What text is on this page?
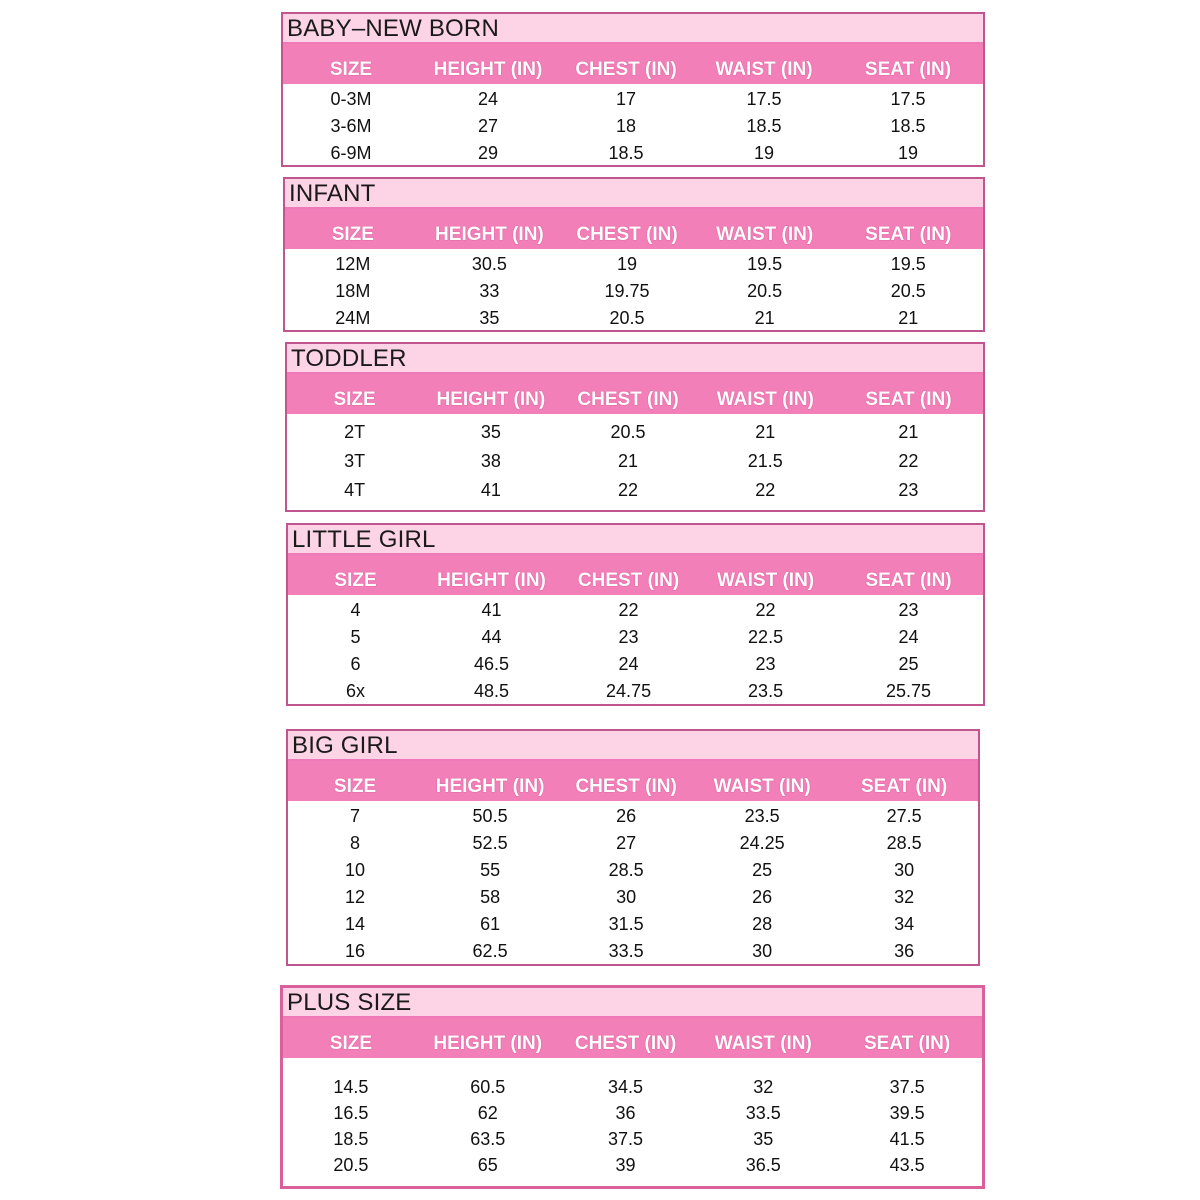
BABY–NEW BORN
SIZE	HEIGHT (IN)	CHEST (IN)	WAIST (IN)	SEAT (IN)
0-3M	24	17	17.5	17.5
3-6M	27	18	18.5	18.5
6-9M	29	18.5	19	19
INFANT
SIZE	HEIGHT (IN)	CHEST (IN)	WAIST (IN)	SEAT (IN)
12M	30.5	19	19.5	19.5
18M	33	19.75	20.5	20.5
24M	35	20.5	21	21
TODDLER
SIZE	HEIGHT (IN)	CHEST (IN)	WAIST (IN)	SEAT (IN)
2T	35	20.5	21	21
3T	38	21	21.5	22
4T	41	22	22	23
LITTLE GIRL
SIZE	HEIGHT (IN)	CHEST (IN)	WAIST (IN)	SEAT (IN)
4	41	22	22	23
5	44	23	22.5	24
6	46.5	24	23	25
6x	48.5	24.75	23.5	25.75
BIG GIRL
SIZE	HEIGHT (IN)	CHEST (IN)	WAIST (IN)	SEAT (IN)
7	50.5	26	23.5	27.5
8	52.5	27	24.25	28.5
10	55	28.5	25	30
12	58	30	26	32
14	61	31.5	28	34
16	62.5	33.5	30	36
PLUS SIZE
SIZE	HEIGHT (IN)	CHEST (IN)	WAIST (IN)	SEAT (IN)
14.5	60.5	34.5	32	37.5
16.5	62	36	33.5	39.5
18.5	63.5	37.5	35	41.5
20.5	65	39	36.5	43.5
